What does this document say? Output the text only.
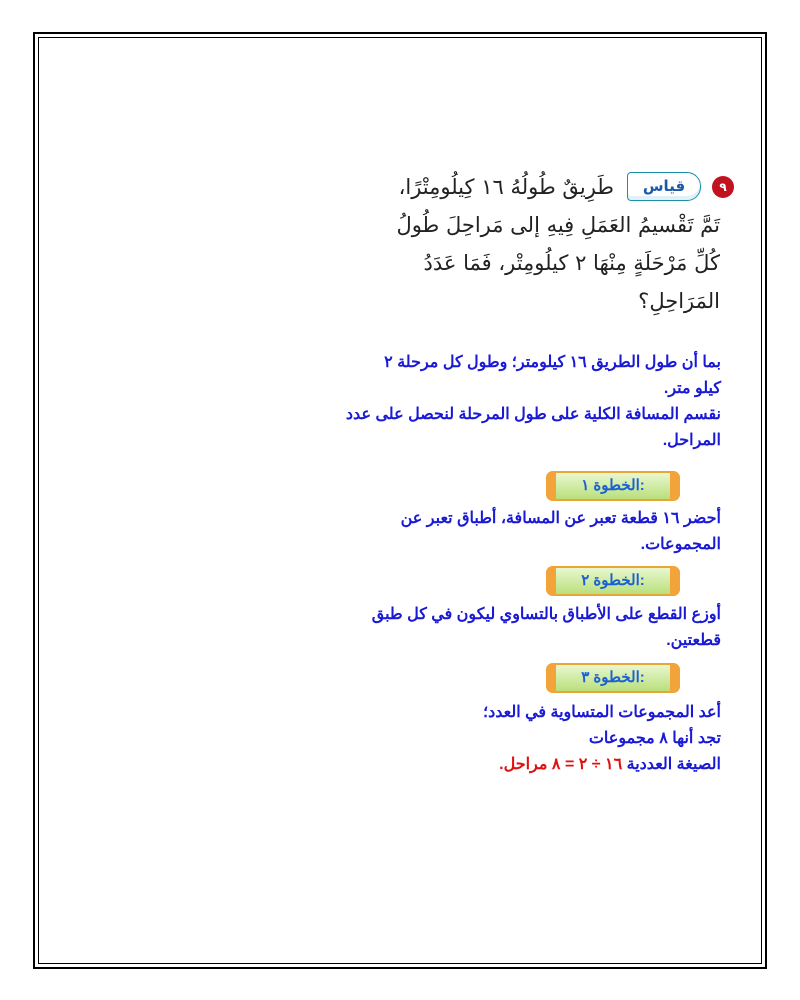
٩
قياس
طَرِيقٌ طُولُهُ ١٦ كِيلُومِتْرًا،
تَمَّ تَقْسيمُ العَمَلِ فِيهِ إلى مَراحِلَ طُولُ
كُلِّ مَرْحَلَةٍ مِنْهَا ٢ كيلُومِتْر، فَمَا عَدَدُ
المَرَاحِلِ؟

بما أن طول الطريق ١٦ كيلومتر؛ وطول كل مرحلة ٢

كيلو متر.

نقسم المسافة الكلية على طول المرحلة لنحصل على عدد

المراحل.

الخطوة ١:

أحضر ١٦ قطعة تعبر عن المسافة، أطباق تعبر عن

المجموعات.

الخطوة ٢:

أوزع القطع على الأطباق بالتساوي ليكون في كل طبق

قطعتين.

الخطوة ٣:

أعد المجموعات المتساوية في العدد؛

تجد أنها ٨ مجموعات

الصيغة العددية ١٦ ÷ ٢ = ٨ مراحل.
